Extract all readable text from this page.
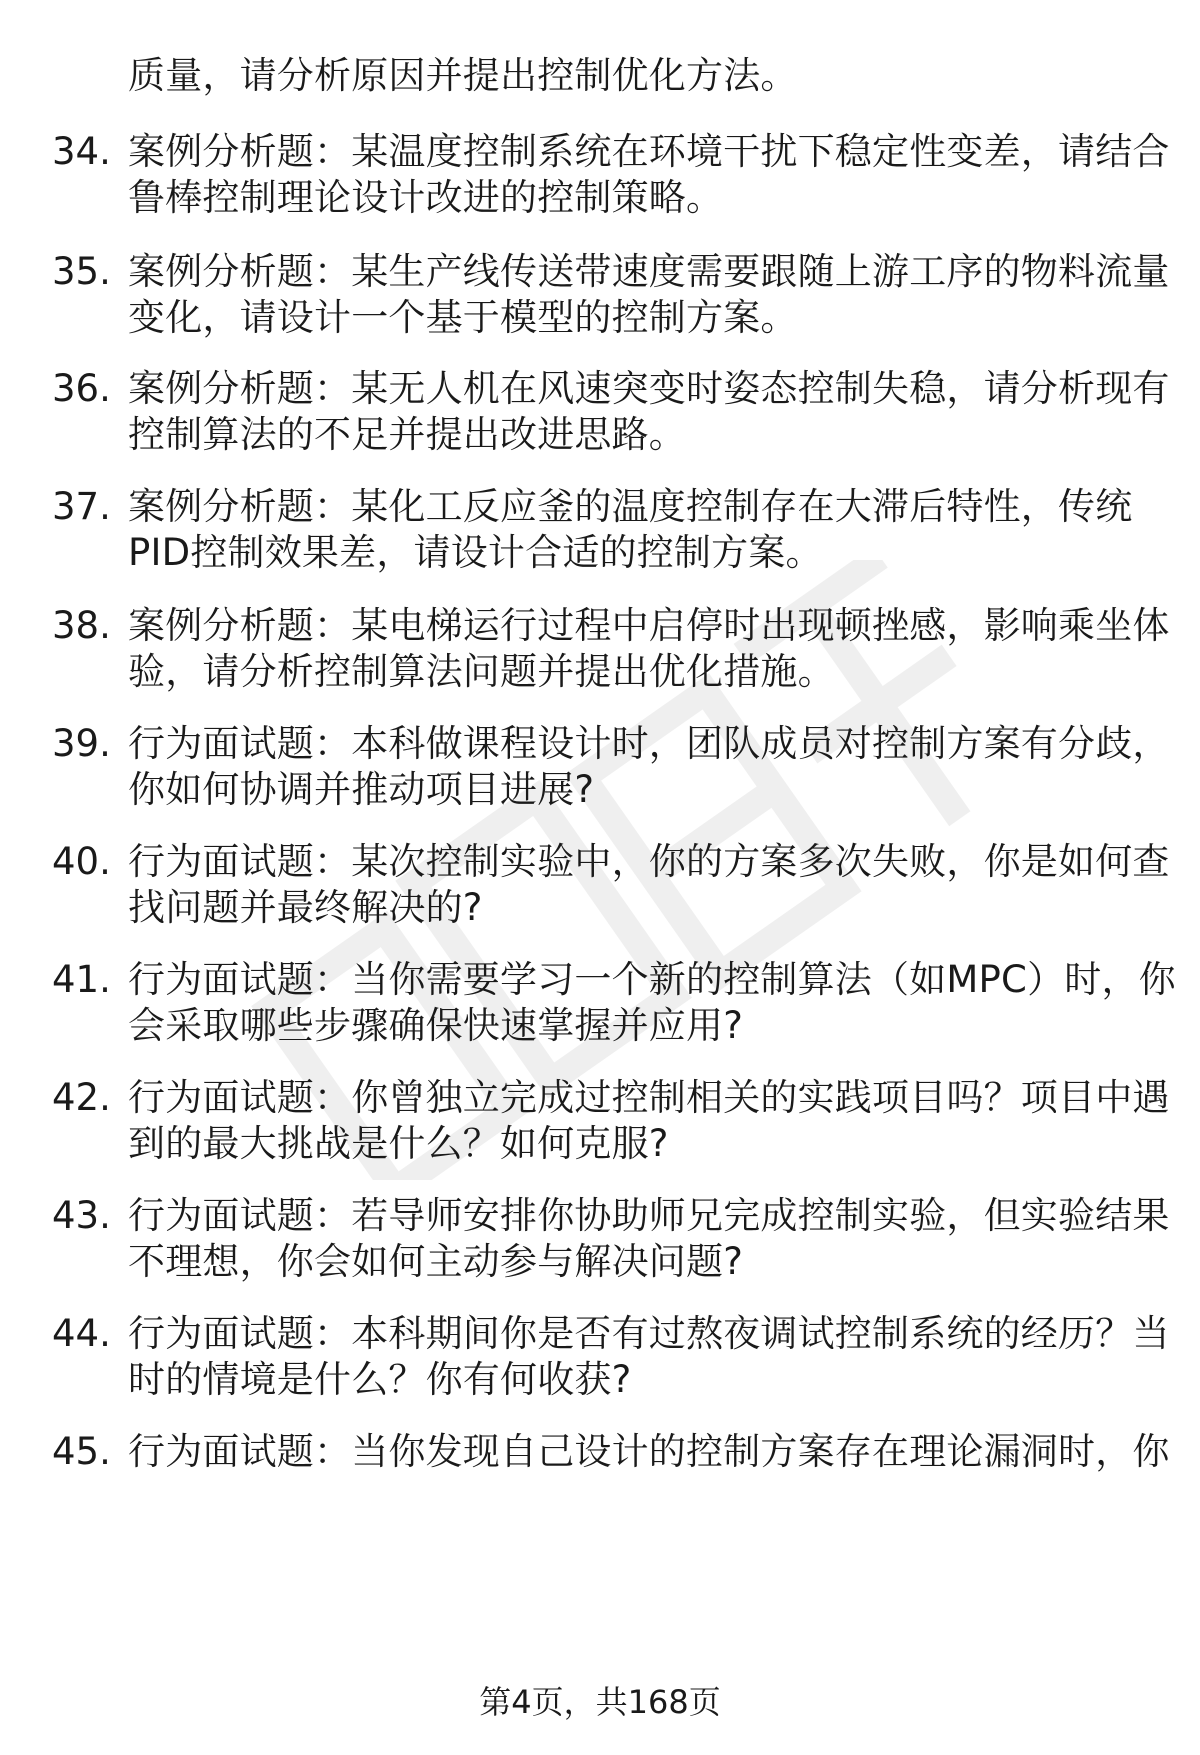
质量，请分析原因并提出控制优化方法。
34. 案例分析题：某温度控制系统在环境干扰下稳定性变差，请结合
鲁棒控制理论设计改进的控制策略。
35. 案例分析题：某生产线传送带速度需要跟随上游工序的物料流量
变化，请设计一个基于模型的控制方案。
36. 案例分析题：某无人机在风速突变时姿态控制失稳，请分析现有
控制算法的不足并提出改进思路。
37. 案例分析题：某化工反应釜的温度控制存在大滞后特性，传统
PID控制效果差，请设计合适的控制方案。
38. 案例分析题：某电梯运行过程中启停时出现顿挫感，影响乘坐体
验，请分析控制算法问题并提出优化措施。
39. 行为面试题：本科做课程设计时，团队成员对控制方案有分歧，
你如何协调并推动项目进展?
40. 行为面试题：某次控制实验中，你的方案多次失败，你是如何查
找问题并最终解决的?
41. 行为面试题：当你需要学习一个新的控制算法（如MPC）时，你
会采取哪些步骤确保快速掌握并应用?
42. 行为面试题：你曾独立完成过控制相关的实践项目吗？项目中遇
到的最大挑战是什么？如何克服?
43. 行为面试题：若导师安排你协助师兄完成控制实验，但实验结果
不理想，你会如何主动参与解决问题?
44. 行为面试题：本科期间你是否有过熬夜调试控制系统的经历？当
时的情境是什么？你有何收获?
45. 行为面试题：当你发现自己设计的控制方案存在理论漏洞时，你
第4页，共168页
